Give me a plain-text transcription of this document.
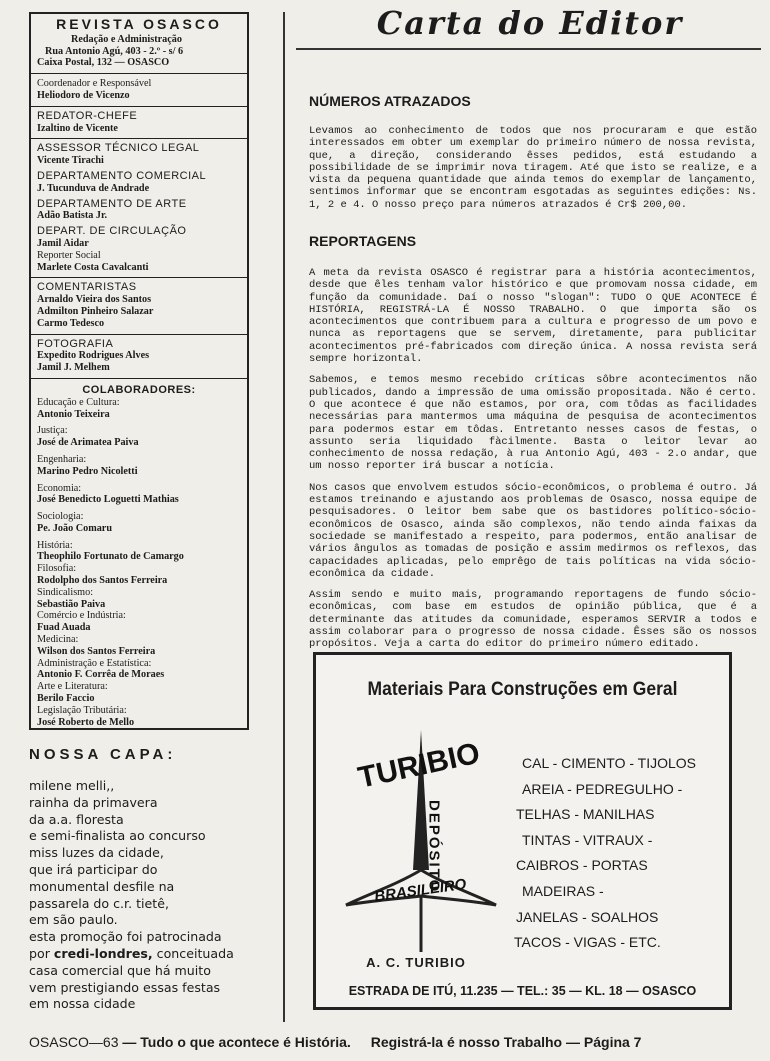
REVISTA OSASCO
Redação e Administração
Rua Antonio Agú, 403 - 2.º - s/ 6
Caixa Postal, 132 — OSASCO
Coordenador e Responsável
Heliodoro de Vicenzo
REDATOR-CHEFE
Izaltino de Vicente
ASSESSOR TÉCNICO LEGAL
Vicente Tirachi
DEPARTAMENTO COMERCIAL
J. Tucunduva de Andrade
DEPARTAMENTO DE ARTE
Adão Batista Jr.
DEPART. DE CIRCULAÇÃO
Jamil Aidar
Reporter Social
Marlete Costa Cavalcanti
COMENTARISTAS
Arnaldo Vieira dos Santos
Admilton Pinheiro Salazar
Carmo Tedesco
FOTOGRAFIA
Expedito Rodrigues Alves
Jamil J. Melhem
COLABORADORES:
Educação e Cultura:
Antonio Teixeira
Justiça:
José de Arimatea Paiva
Engenharia:
Marino Pedro Nicoletti
Economia:
José Benedicto Loguetti Mathias
Sociologia:
Pe. João Comaru
História:
Theophilo Fortunato de Camargo
Filosofia:
Rodolpho dos Santos Ferreira
Sindicalismo:
Sebastião Paiva
Comércio e Indústria:
Fuad Auada
Medicina:
Wilson dos Santos Ferreira
Administração e Estatística:
Antonio F. Corrêa de Moraes
Arte e Literatura:
Berilo Faccio
Legislação Tributária:
José Roberto de Mello
NOSSA CAPA:
milene melli,,
rainha da primavera
da a.a. floresta
e semi-finalista ao concurso
miss luzes da cidade,
que irá participar do
monumental desfile na
passarela do c.r. tietê,
em são paulo.
esta promoção foi patrocinada
por credi-londres, conceituada
casa comercial que há muito
vem prestigiando essas festas
em nossa cidade
Carta do Editor
NÚMEROS ATRAZADOS

Levamos ao conhecimento de todos que nos procuraram e que estão interessados em obter um exemplar do primeiro número de nossa revista, que, a direção, considerando êsses pedidos, está estudando a possibilidade de se imprimir nova tiragem. Até que isto se realize, e a vista da pequena quantidade que ainda temos do exemplar de lançamento, sentimos informar que se encontram esgotadas as seguintes edições: Ns. 1, 2 e 4. O nosso preço para números atrazados é Cr$ 200,00.

REPORTAGENS

A meta da revista OSASCO é registrar para a história acontecimentos, desde que êles tenham valor histórico e que promovam nossa cidade, em função da comunidade. Daí o nosso "slogan": TUDO O QUE ACONTECE É HISTÓRIA, REGISTRÁ-LA É NOSSO TRABALHO. O que importa são os acontecimentos que contribuem para a cultura e progresso de um povo e nunca as reportagens que se servem, diretamente, para publicitar acontecimentos pré-fabricados com direção única. A nossa revista será sempre horizontal.

Sabemos, e temos mesmo recebido críticas sôbre acontecimentos não publicados, dando a impressão de uma omissão propositada. Não é certo. O que acontece é que não estamos, por ora, com tôdas as facilidades necessárias para mantermos uma máquina de pesquisa de acontecimentos para podermos estar em tôdas. Entretanto nesses casos de festas, o assunto seria liquidado fàcilmente. Basta o leitor levar ao conhecimento de nossa redação, à rua Antonio Agú, 403 - 2.o andar, que um nosso reporter irá buscar a notícia.

Nos casos que envolvem estudos sócio-econômicos, o problema é outro. Já estamos treinando e ajustando aos problemas de Osasco, nossa equipe de pesquisadores. O leitor bem sabe que os bastidores político-sócio-econômicos de Osasco, ainda são complexos, não tendo ainda faixas da sociedade se manifestado a respeito, para podermos, então analisar de vários ângulos as tomadas de posição e assim medirmos os reflexos, das capacidades aplicadas, pelo emprêgo de tais políticas na vida sócio-econômica da cidade.

Assim sendo e muito mais, programando reportagens de fundo sócio-econômicas, com base em estudos de opinião pública, que é a determinante das atitudes da comunidade, esperamos SERVIR a todos e assim colaborar para o progresso de nossa cidade. Êsses são os nossos propósitos. Veja a carta do editor do primeiro número editado.

Materiais Para Construções em Geral
TURIBIO
DEPÓSITO
BRASILEIRO
A. C. TURIBIO
CAL - CIMENTO - TIJOLOS
AREIA - PEDREGULHO -
TELHAS - MANILHAS
TINTAS - VITRAUX -
CAIBROS - PORTAS
MADEIRAS -
JANELAS - SOALHOS
TACOS - VIGAS - ETC.
ESTRADA DE ITÚ, 11.235 — TEL.: 35 — KL. 18 — OSASCO
OSASCO—63 — Tudo o que acontece é História. Registrá-la é nosso Trabalho — Página 7
